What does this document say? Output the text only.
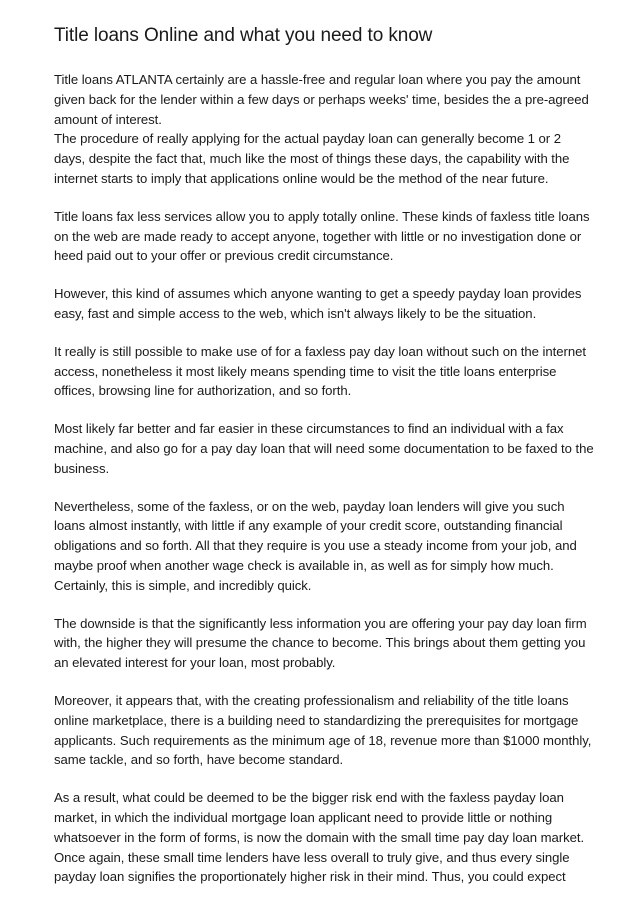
Title loans Online and what you need to know

Title loans ATLANTA certainly are a hassle-free and regular loan where you pay the amount given back for the lender within a few days or perhaps weeks' time, besides the a pre-agreed amount of interest.

The procedure of really applying for the actual payday loan can generally become 1 or 2 days, despite the fact that, much like the most of things these days, the capability with the internet starts to imply that applications online would be the method of the near future.

Title loans fax less services allow you to apply totally online. These kinds of faxless title loans on the web are made ready to accept anyone, together with little or no investigation done or heed paid out to your offer or previous credit circumstance.

However, this kind of assumes which anyone wanting to get a speedy payday loan provides easy, fast and simple access to the web, which isn't always likely to be the situation.

It really is still possible to make use of for a faxless pay day loan without such on the internet access, nonetheless it most likely means spending time to visit the title loans enterprise offices, browsing line for authorization, and so forth.

Most likely far better and far easier in these circumstances to find an individual with a fax machine, and also go for a pay day loan that will need some documentation to be faxed to the business.

Nevertheless, some of the faxless, or on the web, payday loan lenders will give you such loans almost instantly, with little if any example of your credit score, outstanding financial obligations and so forth. All that they require is you use a steady income from your job, and maybe proof when another wage check is available in, as well as for simply how much. Certainly, this is simple, and incredibly quick.

The downside is that the significantly less information you are offering your pay day loan firm with, the higher they will presume the chance to become. This brings about them getting you an elevated interest for your loan, most probably.

Moreover, it appears that, with the creating professionalism and reliability of the title loans online marketplace, there is a building need to standardizing the prerequisites for mortgage applicants. Such requirements as the minimum age of 18, revenue more than $1000 monthly, same tackle, and so forth, have become standard.

As a result, what could be deemed to be the bigger risk end with the faxless payday loan market, in which the individual mortgage loan applicant need to provide little or nothing whatsoever in the form of forms, is now the domain with the small time pay day loan market. Once again, these small time lenders have less overall to truly give, and thus every single payday loan signifies the proportionately higher risk in their mind. Thus, you could expect
